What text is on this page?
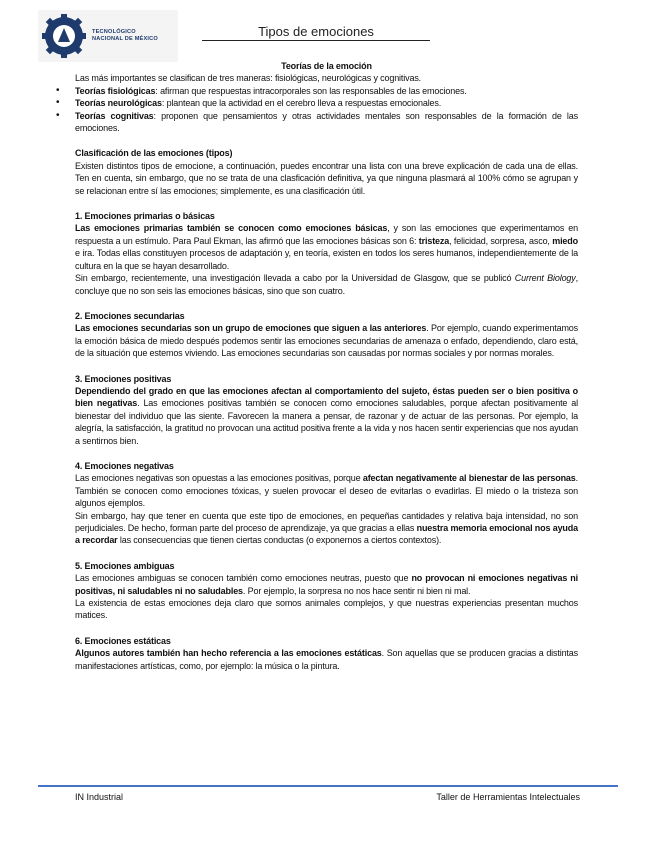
TECNOLÓGICO
NACIONAL DE MÉXICO	Tipos de emociones

Teorías de la emoción

Las más importantes se clasifican de tres maneras: fisiológicas, neurológicas y cognitivas.

• Teorías fisiológicas: afirman que respuestas intracorporales son las responsables de las emociones.
• Teorías neurológicas: plantean que la actividad en el cerebro lleva a respuestas emocionales.
• Teorías cognitivas: proponen que pensamientos y otras actividades mentales son responsables de la formación de las emociones.

Clasificación de las emociones (tipos)

Existen distintos tipos de emocione, a continuación, puedes encontrar una lista con una breve explicación de cada una de ellas. Ten en cuenta, sin embargo, que no se trata de una clasficación definitiva, ya que ninguna plasmará al 100% cómo se agrupan y se relacionan entre sí las emociones; simplemente, es una clasificación útil.

1. Emociones primarias o básicas

Las emociones primarias también se conocen como emociones básicas, y son las emociones que experimentamos en respuesta a un estímulo. Para Paul Ekman, las afirmó que las emociones básicas son 6: tristeza, felicidad, sorpresa, asco, miedo e ira. Todas ellas constituyen procesos de adaptación y, en teoría, existen en todos los seres humanos, independientemente de la cultura en la que se hayan desarrollado.

Sin embargo, recientemente, una investigación llevada a cabo por la Universidad de Glasgow, que se publicó Current Biology, concluye que no son seis las emociones básicas, sino que son cuatro.

2. Emociones secundarias

Las emociones secundarias son un grupo de emociones que siguen a las anteriores. Por ejemplo, cuando experimentamos la emoción básica de miedo después podemos sentir las emociones secundarias de amenaza o enfado, dependiendo, claro está, de la situación que estemos viviendo. Las emociones secundarias son causadas por normas sociales y por normas morales.

3. Emociones positivas

Dependiendo del grado en que las emociones afectan al comportamiento del sujeto, éstas pueden ser o bien positiva o bien negativas. Las emociones positivas también se conocen como emociones saludables, porque afectan positivamente al bienestar del individuo que las siente. Favorecen la manera a pensar, de razonar y de actuar de las personas. Por ejemplo, la alegría, la satisfacción, la gratitud no provocan una actitud positiva frente a la vida y nos hacen sentir experiencias que nos ayudan a sentirnos bien.

4. Emociones negativas

Las emociones negativas son opuestas a las emociones positivas, porque afectan negativamente al bienestar de las personas. También se conocen como emociones tóxicas, y suelen provocar el deseo de evitarlas o evadirlas. El miedo o la tristeza son algunos ejemplos.

Sin embargo, hay que tener en cuenta que este tipo de emociones, en pequeñas cantidades y relativa baja intensidad, no son perjudiciales. De hecho, forman parte del proceso de aprendizaje, ya que gracias a ellas nuestra memoria emocional nos ayuda a recordar las consecuencias que tienen ciertas conductas (o exponernos a ciertos contextos).

5. Emociones ambiguas

Las emociones ambiguas se conocen también como emociones neutras, puesto que no provocan ni emociones negativas ni positivas, ni saludables ni no saludables. Por ejemplo, la sorpresa no nos hace sentir ni bien ni mal.

La existencia de estas emociones deja claro que somos animales complejos, y que nuestras experiencias presentan muchos matices.

6. Emociones estáticas

Algunos autores también han hecho referencia a las emociones estáticas. Son aquellas que se producen gracias a distintas manifestaciones artísticas, como, por ejemplo: la música o la pintura.

IN Industrial	Taller de Herramientas Intelectuales
